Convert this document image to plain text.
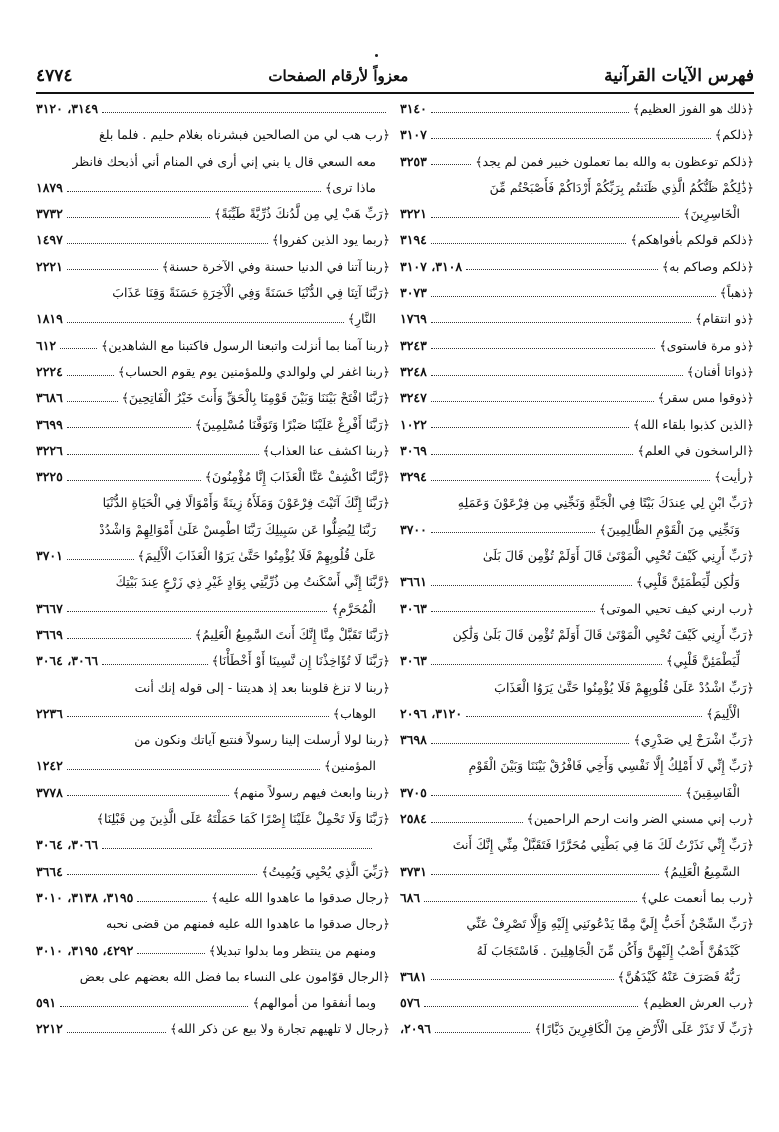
٤٧٧٤	معزواً لأرقام الصفحات	فهرس الآيات القرآنية
﴿ذلك هو الفوز العظيم﴾
٣١٤٠
﴿ذلكم﴾
٣١٠٧
﴿ذلكم توعظون به والله بما تعملون خبير فمن لم يجد﴾
٣٢٥٣
﴿ذَٰلِكُمْ ظَنُّكُمُ الَّذِي ظَنَنتُم بِرَبِّكُمْ أَرْدَاكُمْ فَأَصْبَحْتُم مِّنَ
الْخَاسِرِينَ﴾
٣٢٢١
﴿ذلكم قولكم بأفواهكم﴾
٣١٩٤
﴿ذلكم وصاكم به﴾
٣١٠٨، ٣١٠٧
﴿ذهباً﴾
٣٠٧٣
﴿ذو انتقام﴾
١٧٦٩
﴿ذو مرة فاستوى﴾
٣٢٤٣
﴿ذواتا أفنان﴾
٣٢٤٨
﴿ذوقوا مس سقر﴾
٣٢٤٧
﴿الذين كذبوا بلقاء الله﴾
١٠٢٢
﴿الراسخون في العلم﴾
٣٠٦٩
﴿رأيت﴾
٣٢٩٤
﴿رَبِّ ابْنِ لِي عِندَكَ بَيْتًا فِي الْجَنَّةِ وَنَجِّنِي مِن فِرْعَوْنَ وَعَمَلِهِ
وَنَجِّنِي مِنَ الْقَوْمِ الظَّالِمِينَ﴾
٣٧٠٠
﴿رَبِّ أَرِنِي كَيْفَ تُحْيِي الْمَوْتَىٰ قَالَ أَوَلَمْ تُؤْمِن قَالَ بَلَىٰ
وَلَٰكِن لِّيَطْمَئِنَّ قَلْبِي﴾
٣٦٦١
﴿رب ارني كيف تحيي الموتى﴾
٣٠٦٣
﴿رَبِّ أَرِنِي كَيْفَ تُحْيِي الْمَوْتَىٰ قَالَ أَوَلَمْ تُؤْمِن قَالَ بَلَىٰ وَلَٰكِن
لِّيَطْمَئِنَّ قَلْبِي﴾
٣٠٦٣
﴿رَبِّ اشْدُدْ عَلَىٰ قُلُوبِهِمْ فَلَا يُؤْمِنُوا حَتَّىٰ يَرَوُا الْعَذَابَ
الْأَلِيمَ﴾
٣١٢٠، ٢٠٩٦
﴿رَبِّ اشْرَحْ لِي صَدْرِي﴾
٣٦٩٨
﴿رَبِّ إِنِّي لَا أَمْلِكُ إِلَّا نَفْسِي وَأَخِي فَافْرُقْ بَيْنَنَا وَبَيْنَ الْقَوْمِ
الْفَاسِقِينَ﴾
٣٧٠٥
﴿رب إني مسني الضر وانت ارحم الراحمين﴾
٢٥٨٤
﴿رَبِّ إِنِّي نَذَرْتُ لَكَ مَا فِي بَطْنِي مُحَرَّرًا فَتَقَبَّلْ مِنِّي إِنَّكَ أَنتَ
السَّمِيعُ الْعَلِيمُ﴾
٣٧٣١
﴿رب بما أنعمت علي﴾
٦٨٦
﴿رَبِّ السِّجْنُ أَحَبُّ إِلَيَّ مِمَّا يَدْعُونَنِي إِلَيْهِ وَإِلَّا تَصْرِفْ عَنِّي
كَيْدَهُنَّ أَصْبُ إِلَيْهِنَّ وَأَكُن مِّنَ الْجَاهِلِينَ . فَاسْتَجَابَ لَهُ
رَبُّهُ فَصَرَفَ عَنْهُ كَيْدَهُنَّ﴾
٣٦٨١
﴿رب العرش العظيم﴾
٥٧٦
﴿رَبِّ لَا تَذَرْ عَلَى الْأَرْضِ مِنَ الْكَافِرِينَ دَيَّارًا﴾
٢٠٩٦،
٣١٤٩، ٣١٢٠
﴿رب هب لي من الصالحين فبشرناه بغلام حليم . فلما بلغ
معه السعي قال يا بني إني أرى في المنام أني أذبحك فانظر
ماذا ترى﴾
١٨٧٩
﴿رَبِّ هَبْ لِي مِن لَّدُنكَ ذُرِّيَّةً طَيِّبَةً﴾
٣٧٣٢
﴿ربما يود الذين كفروا﴾
١٤٩٧
﴿ربنا آتنا في الدنيا حسنة وفي الآخرة حسنة﴾
٢٢٢١
﴿رَبَّنَا آتِنَا فِي الدُّنْيَا حَسَنَةً وَفِي الْآخِرَةِ حَسَنَةً وَقِنَا عَذَابَ
النَّارِ﴾
١٨١٩
﴿ربنا آمنا بما أنزلت واتبعنا الرسول فاكتبنا مع الشاهدين﴾
٦١٢
﴿ربنا اغفر لي ولوالدي وللمؤمنين يوم يقوم الحساب﴾
٢٢٢٤
﴿رَبَّنَا افْتَحْ بَيْنَنَا وَبَيْنَ قَوْمِنَا بِالْحَقِّ وَأَنتَ خَيْرُ الْفَاتِحِينَ﴾
٣٦٨٦
﴿رَبَّنَا أَفْرِغْ عَلَيْنَا صَبْرًا وَتَوَفَّنَا مُسْلِمِينَ﴾
٣٦٩٩
﴿ربنا اكشف عنا العذاب﴾
٣٢٢٦
﴿رَّبَّنَا اكْشِفْ عَنَّا الْعَذَابَ إِنَّا مُؤْمِنُونَ﴾
٣٢٢٥
﴿رَبَّنَا إِنَّكَ آتَيْتَ فِرْعَوْنَ وَمَلَأَهُ زِينَةً وَأَمْوَالًا فِي الْحَيَاةِ الدُّنْيَا
رَبَّنَا لِيُضِلُّوا عَن سَبِيلِكَ رَبَّنَا اطْمِسْ عَلَىٰ أَمْوَالِهِمْ وَاشْدُدْ
عَلَىٰ قُلُوبِهِمْ فَلَا يُؤْمِنُوا حَتَّىٰ يَرَوُا الْعَذَابَ الْأَلِيمَ﴾
٣٧٠١
﴿رَّبَّنَا إِنِّي أَسْكَنتُ مِن ذُرِّيَّتِي بِوَادٍ غَيْرِ ذِي زَرْعٍ عِندَ بَيْتِكَ
الْمُحَرَّمِ﴾
٣٦٦٧
﴿رَبَّنَا تَقَبَّلْ مِنَّا إِنَّكَ أَنتَ السَّمِيعُ الْعَلِيمُ﴾
٣٦٦٩
﴿رَبَّنَا لَا تُؤَاخِذْنَا إِن نَّسِينَا أَوْ أَخْطَأْنَا﴾
٣٠٦٦، ٣٠٦٤
﴿ربنا لا تزغ قلوبنا بعد إذ هديتنا - إلى قوله إنك أنت
الوهاب﴾
٢٢٣٦
﴿ربنا لولا أرسلت إلينا رسولاً فنتبع آياتك ونكون من
المؤمنين﴾
١٢٤٢
﴿ربنا وابعث فيهم رسولاً منهم﴾
٣٧٧٨
﴿رَبَّنَا وَلَا تَحْمِلْ عَلَيْنَا إِصْرًا كَمَا حَمَلْتَهُ عَلَى الَّذِينَ مِن قَبْلِنَا﴾
٣٠٦٦، ٣٠٦٤
﴿رَبِّيَ الَّذِي يُحْيِي وَيُمِيتُ﴾
٣٦٦٤
﴿رجال صدقوا ما عاهدوا الله عليه﴾
٣١٩٥، ٣١٣٨، ٣٠١٠
﴿رجال صدقوا ما عاهدوا الله عليه فمنهم من قضى نحبه
ومنهم من ينتظر وما بدلوا تبديلا﴾
٤٢٩٢، ٣١٩٥، ٣٠١٠
﴿الرجال قوّامون على النساء بما فضل الله بعضهم على بعض
وبما أنفقوا من أموالهم﴾
٥٩١
﴿رجال لا تلهيهم تجارة ولا بيع عن ذكر الله﴾
٢٢١٢
